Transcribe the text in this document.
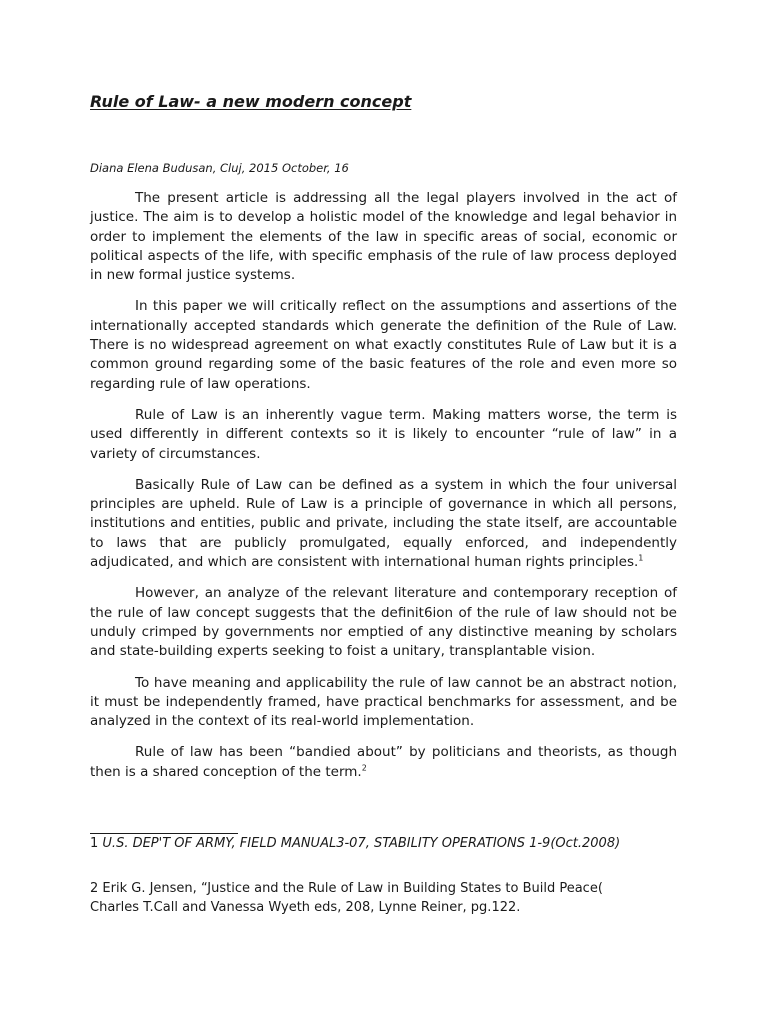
Rule of Law- a new modern concept

Diana Elena Budusan, Cluj, 2015 October, 16

The present article is addressing all the legal players involved in the act of justice. The aim is to develop a holistic model of the knowledge and legal behavior in order to implement the elements of the law in specific areas of social, economic or political aspects of the life, with specific emphasis of the rule of law process deployed in new formal justice systems.

In this paper we will critically reflect on the assumptions and assertions of the internationally accepted standards which generate the definition of the Rule of Law. There is no widespread agreement on what exactly constitutes Rule of Law but it is a common ground regarding some of the basic features of the role and even more so regarding rule of law operations.

Rule of Law is an inherently vague term. Making matters worse, the term is used differently in different contexts so it is likely to encounter “rule of law” in a variety of circumstances.

Basically Rule of Law can be defined as a system in which the four universal principles are upheld. Rule of Law is a principle of governance in which all persons, institutions and entities, public and private, including the state itself, are accountable to laws that are publicly promulgated, equally enforced, and independently adjudicated, and which are consistent with international human rights principles.$^1$

However, an analyze of the relevant literature and contemporary reception of the rule of law concept suggests that the definit6ion of the rule of law should not be unduly crimped by governments nor emptied of any distinctive meaning by scholars and state-building experts seeking to foist a unitary, transplantable vision.

To have meaning and applicability the rule of law cannot be an abstract notion, it must be independently framed, have practical benchmarks for assessment, and be analyzed in the context of its real-world implementation.

Rule of law has been “bandied about” by politicians and theorists, as though then is a shared conception of the term.$^2$

1 U.S. DEP'T OF ARMY, FIELD MANUAL3-07, STABILITY OPERATIONS 1-9(Oct.2008)

2 Erik G. Jensen, “Justice and the Rule of Law in Building States to Build Peace( Charles T.Call and Vanessa Wyeth eds, 208, Lynne Reiner, pg.122.
